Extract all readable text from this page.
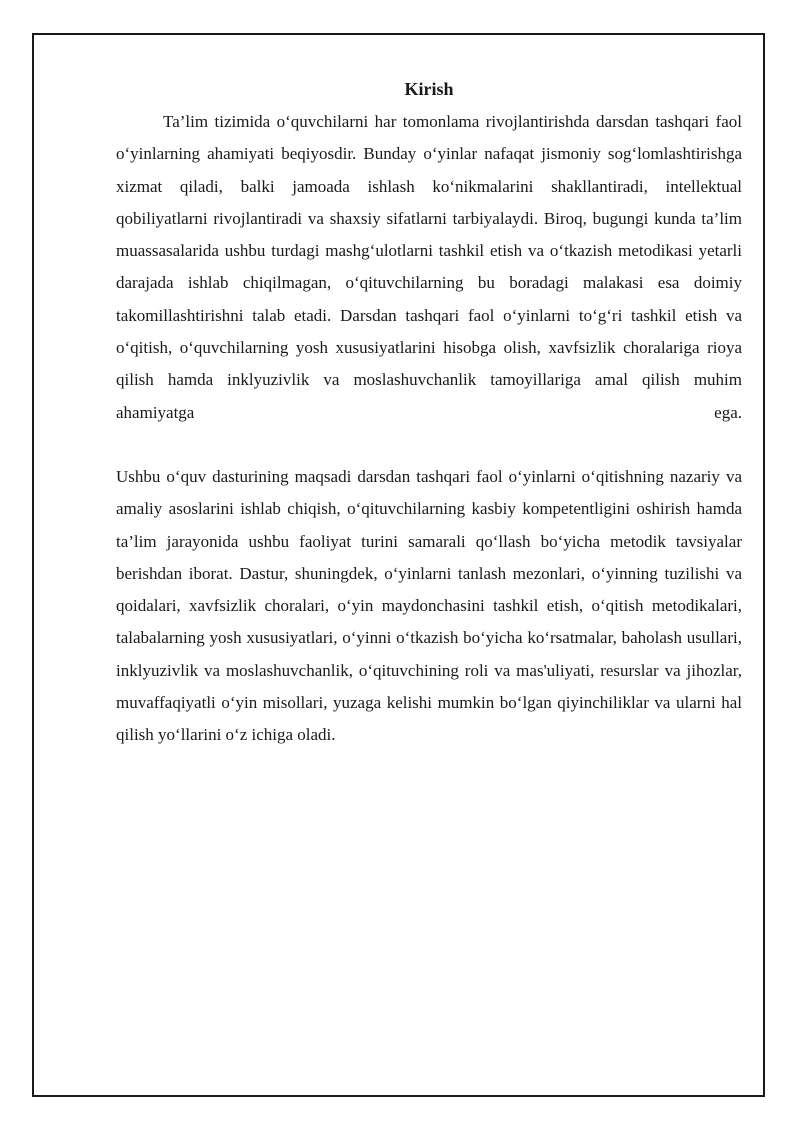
Kirish

Ta’lim tizimida o‘quvchilarni har tomonlama rivojlantirishda darsdan tashqari faol o‘yinlarning ahamiyati beqiyosdir. Bunday o‘yinlar nafaqat jismoniy sog‘lomlashtirishga xizmat qiladi, balki jamoada ishlash ko‘nikmalarini shakllantiradi, intellektual qobiliyatlarni rivojlantiradi va shaxsiy sifatlarni tarbiyalaydi. Biroq, bugungi kunda ta’lim muassasalarida ushbu turdagi mashg‘ulotlarni tashkil etish va o‘tkazish metodikasi yetarli darajada ishlab chiqilmagan, o‘qituvchilarning bu boradagi malakasi esa doimiy takomillashtirishni talab etadi. Darsdan tashqari faol o‘yinlarni to‘g‘ri tashkil etish va o‘qitish, o‘quvchilarning yosh xususiyatlarini hisobga olish, xavfsizlik choralariga rioya qilish hamda inklyuzivlik va moslashuvchanlik tamoyillariga amal qilish muhim ahamiyatga ega.

Ushbu o‘quv dasturining maqsadi darsdan tashqari faol o‘yinlarni o‘qitishning nazariy va amaliy asoslarini ishlab chiqish, o‘qituvchilarning kasbiy kompetentligini oshirish hamda ta’lim jarayonida ushbu faoliyat turini samarali qo‘llash bo‘yicha metodik tavsiyalar berishdan iborat. Dastur, shuningdek, o‘yinlarni tanlash mezonlari, o‘yinning tuzilishi va qoidalari, xavfsizlik choralari, o‘yin maydonchasini tashkil etish, o‘qitish metodikalari, talabalarning yosh xususiyatlari, o‘yinni o‘tkazish bo‘yicha ko‘rsatmalar, baholash usullari, inklyuzivlik va moslashuvchanlik, o‘qituvchining roli va mas'uliyati, resurslar va jihozlar, muvaffaqiyatli o‘yin misollari, yuzaga kelishi mumkin bo‘lgan qiyinchiliklar va ularni hal qilish yo‘llarini o‘z ichiga oladi.
